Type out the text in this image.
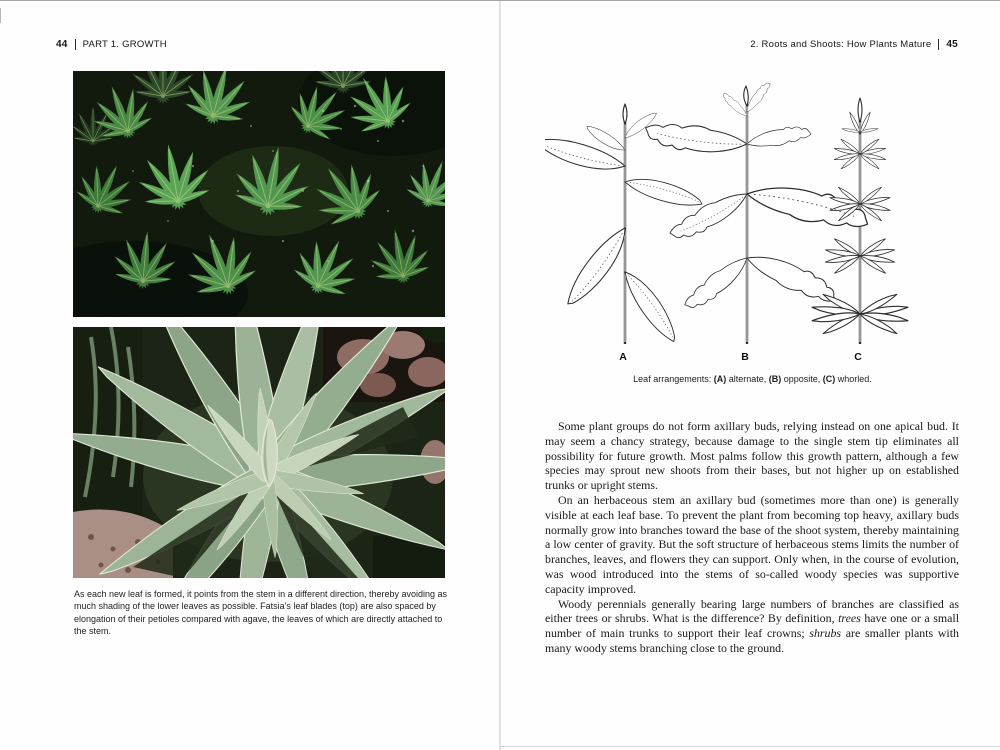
44 PART 1. GROWTH

As each new leaf is formed, it points from the stem in a different direction, thereby avoiding as much shading of the lower leaves as possible. Fatsia's leaf blades (top) are also spaced by elongation of their petioles compared with agave, the leaves of which are directly attached to the stem.

2. Roots and Shoots: How Plants Mature 45
A	B	C

Leaf arrangements: (A) alternate, (B) opposite, (C) whorled.

Some plant groups do not form axillary buds, relying instead on one apical bud. It may seem a chancy strategy, because damage to the single stem tip eliminates all possibility for future growth. Most palms follow this growth pattern, although a few species may sprout new shoots from their bases, but not higher up on established trunks or upright stems.

On an herbaceous stem an axillary bud (sometimes more than one) is generally visible at each leaf base. To prevent the plant from becoming top heavy, axillary buds normally grow into branches toward the base of the shoot system, thereby maintaining a low center of gravity. But the soft structure of herbaceous stems limits the number of branches, leaves, and flowers they can support. Only when, in the course of evolution, was wood introduced into the stems of so-called woody species was supportive capacity improved.

Woody perennials generally bearing large numbers of branches are classified as either trees or shrubs. What is the difference? By definition, trees have one or a small number of main trunks to support their leaf crowns; shrubs are smaller plants with many woody stems branching close to the ground.
